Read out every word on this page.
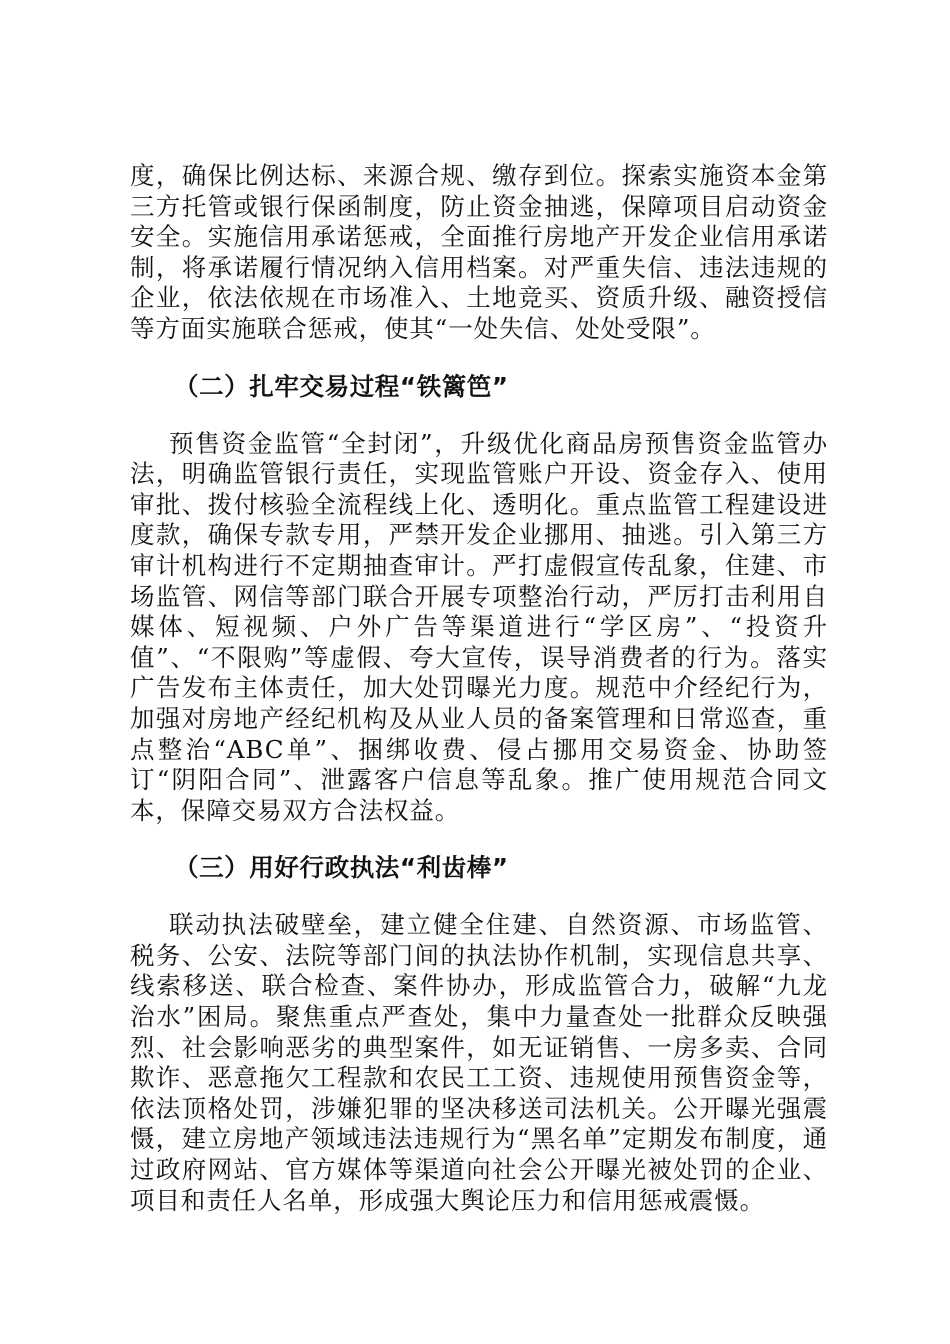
度，确保比例达标、来源合规、缴存到位。探索实施资本金第三方托管或银行保函制度，防止资金抽逃，保障项目启动资金安全。实施信用承诺惩戒，全面推行房地产开发企业信用承诺制，将承诺履行情况纳入信用档案。对严重失信、违法违规的企业，依法依规在市场准入、土地竞买、资质升级、融资授信等方面实施联合惩戒，使其“一处失信、处处受限”。

（二）扎牢交易过程“铁篱笆”

预售资金监管“全封闭”，升级优化商品房预售资金监管办法，明确监管银行责任，实现监管账户开设、资金存入、使用审批、拨付核验全流程线上化、透明化。重点监管工程建设进度款，确保专款专用，严禁开发企业挪用、抽逃。引入第三方审计机构进行不定期抽查审计。严打虚假宣传乱象，住建、市场监管、网信等部门联合开展专项整治行动，严厉打击利用自媒体、短视频、户外广告等渠道进行“学区房”、“投资升值”、“不限购”等虚假、夸大宣传，误导消费者的行为。落实广告发布主体责任，加大处罚曝光力度。规范中介经纪行为，加强对房地产经纪机构及从业人员的备案管理和日常巡查，重点整治“ABC单”、捆绑收费、侵占挪用交易资金、协助签订“阴阳合同”、泄露客户信息等乱象。推广使用规范合同文本，保障交易双方合法权益。

（三）用好行政执法“利齿棒”

联动执法破壁垒，建立健全住建、自然资源、市场监管、税务、公安、法院等部门间的执法协作机制，实现信息共享、线索移送、联合检查、案件协办，形成监管合力，破解“九龙治水”困局。聚焦重点严查处，集中力量查处一批群众反映强烈、社会影响恶劣的典型案件，如无证销售、一房多卖、合同欺诈、恶意拖欠工程款和农民工工资、违规使用预售资金等，依法顶格处罚，涉嫌犯罪的坚决移送司法机关。公开曝光强震慑，建立房地产领域违法违规行为“黑名单”定期发布制度，通过政府网站、官方媒体等渠道向社会公开曝光被处罚的企业、项目和责任人名单，形成强大舆论压力和信用惩戒震慑。
